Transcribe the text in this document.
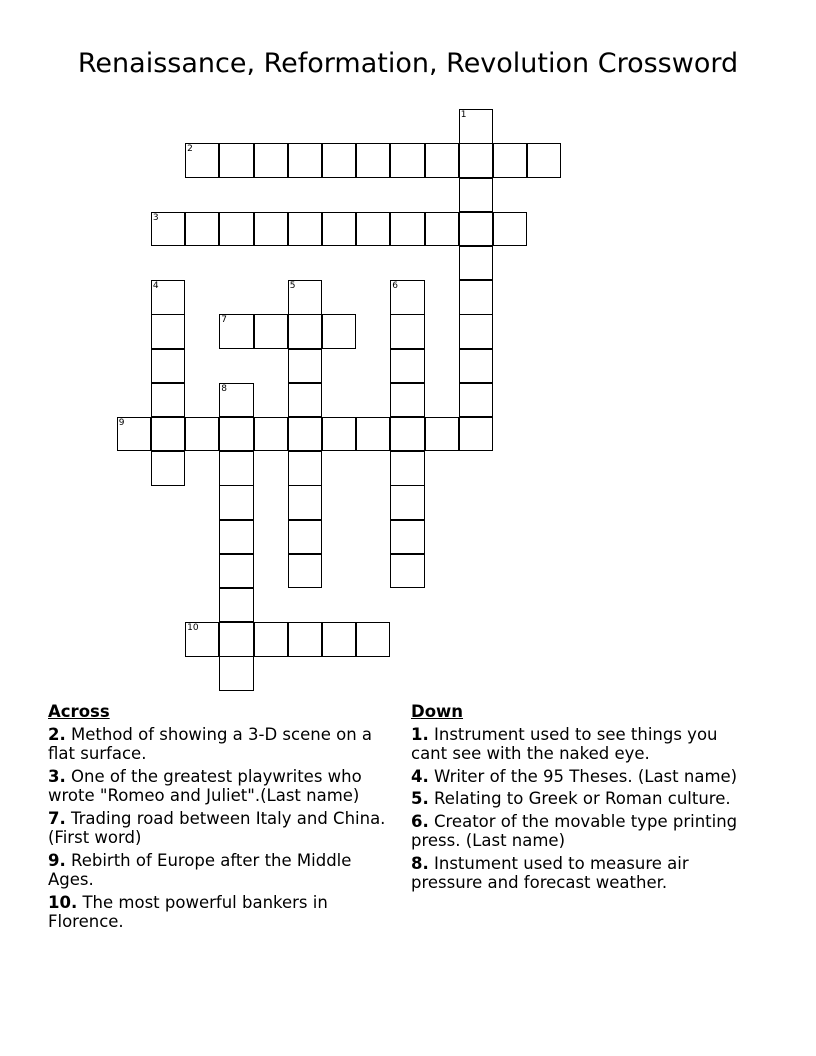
Renaissance, Reformation, Revolution Crossword
1
2
3
4	5	6
7
8
9
10
Across
2. Method of showing a 3-D scene on a flat surface.
3. One of the greatest playwrites who wrote "Romeo and Juliet".(Last name)
7. Trading road between Italy and China. (First word)
9. Rebirth of Europe after the Middle Ages.
10. The most powerful bankers in Florence.
Down
1. Instrument used to see things you cant see with the naked eye.
4. Writer of the 95 Theses. (Last name)
5. Relating to Greek or Roman culture.
6. Creator of the movable type printing press. (Last name)
8. Instument used to measure air pressure and forecast weather.
